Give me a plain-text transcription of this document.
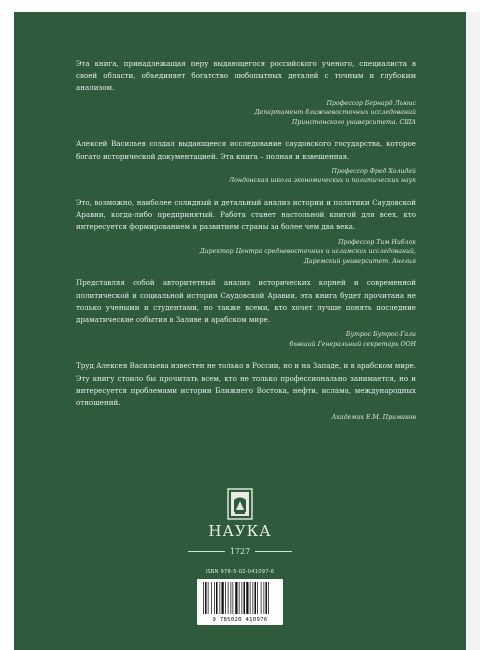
Эта книга, принадлежащая перу выдающегося российского ученого, специалиста в своей области, объединяет богатство любопытных деталей с точным и глубоким анализом.

Профессор Бернард Льюис
Департамент ближневосточных исследований
Принстонского университета. США

Алексей Васильев создал выдающееся исследование саудовского государства, которое богато исторической документацией. Эта книга – полная и взвешенная.

Профессор Фред Холидей
Лондонская школа экономических и политических наук

Это, возможно, наиболее солидный и детальный анализ истории и политики Саудовской Аравии, когда-либо предпринятый. Работа станет настольной книгой для всех, кто интересуется формированием и развитием страны за более чем два века.

Профессор Тим Ниблок
Директор Центра средневосточных и исламских исследований,
Даремский университет. Англия

Представляя собой авторитетный анализ исторических корней и современной политической и социальной истории Саудовской Аравии, эта книга будет прочитана не только учеными и студентами, но также всеми, кто хочет лучше понять последние драматические события в Заливе и арабском мире.

Бутрос Бутрос-Гали
бывший Генеральный секретарь ООН

Труд Алексея Васильева известен не только в России, но и на Западе, и в арабском мире. Эту книгу стоило бы прочитать всем, кто не только профессионально занимается, но и интересуется проблемами истории Ближнего Востока, нефти, ислама, международных отношений.

Академик Е.М. Примаков
НАУКА
1727
ISBN 978-5-02-041097-6
9 785020 410976
